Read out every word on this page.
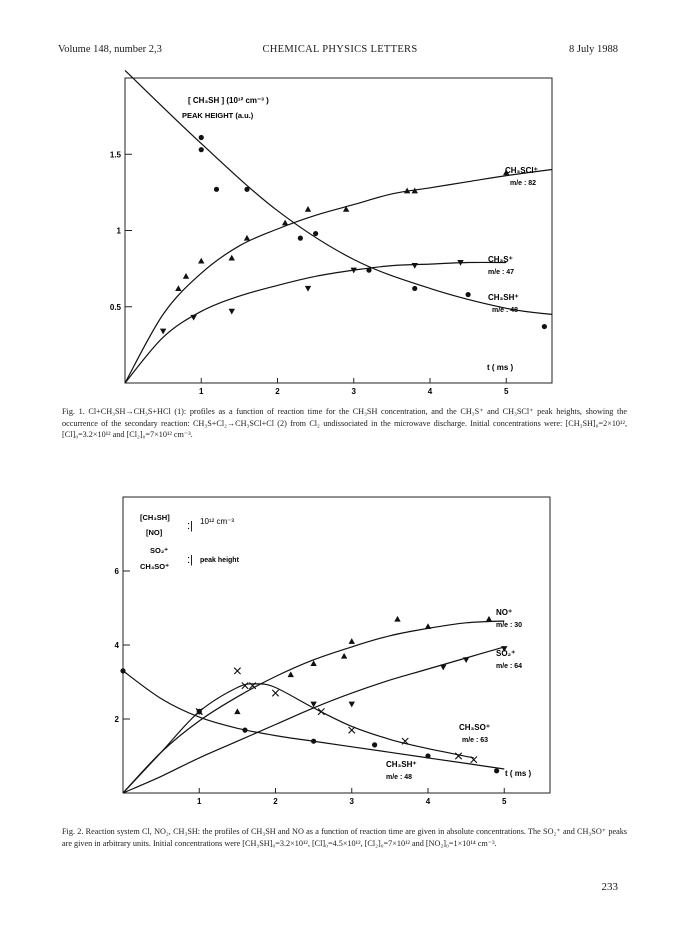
Volume 148, number 2,3	CHEMICAL PHYSICS LETTERS	8 July 1988
1	2	3	4	5
0.5
1
1.5
[ CH₃SH ] (10¹² cm⁻³ )
PEAK HEIGHT (a.u.)
CH₃SCl⁺
m/e : 82
CH₃S⁺
m/e : 47
CH₃SH⁺
m/e : 48
t ( ms )
Fig. 1. Cl+CH₃SH→CH₃S+HCl (1): profiles as a function of reaction time for the CH₃SH concentration, and the CH₃S⁺ and CH₃SCl⁺ peak heights, showing the occurrence of the secondary reaction: CH₃S+Cl₂→CH₃SCl+Cl (2) from Cl₂ undissociated in the microwave discharge. Initial concentrations were: [CH₃SH]₀=2×10¹², [Cl]₀=3.2×10¹² and [Cl₂]₀=7×10¹² cm⁻³.
1	2	3	4	5
2
4
6
[CH₃SH]
[NO]
:| 10¹² cm⁻³
SO₂⁺
CH₃SO⁺
:| peak height
NO⁺
m/e : 30
SO₂⁺
m/e : 64
CH₃SO⁺
m/e : 63
CH₃SH⁺
m/e : 48	t ( ms )
Fig. 2. Reaction system Cl, NO₂, CH₃SH: the profiles of CH₃SH and NO as a function of reaction time are given in absolute concentrations. The SO₂⁺ and CH₃SO⁺ peaks are given in arbitrary units. Initial concentrations were [CH₃SH]₀=3.2×10¹², [Cl]₀=4.5×10¹², [Cl₂]₀=7×10¹² and [NO₂]₀=1×10¹⁴ cm⁻³.
233
